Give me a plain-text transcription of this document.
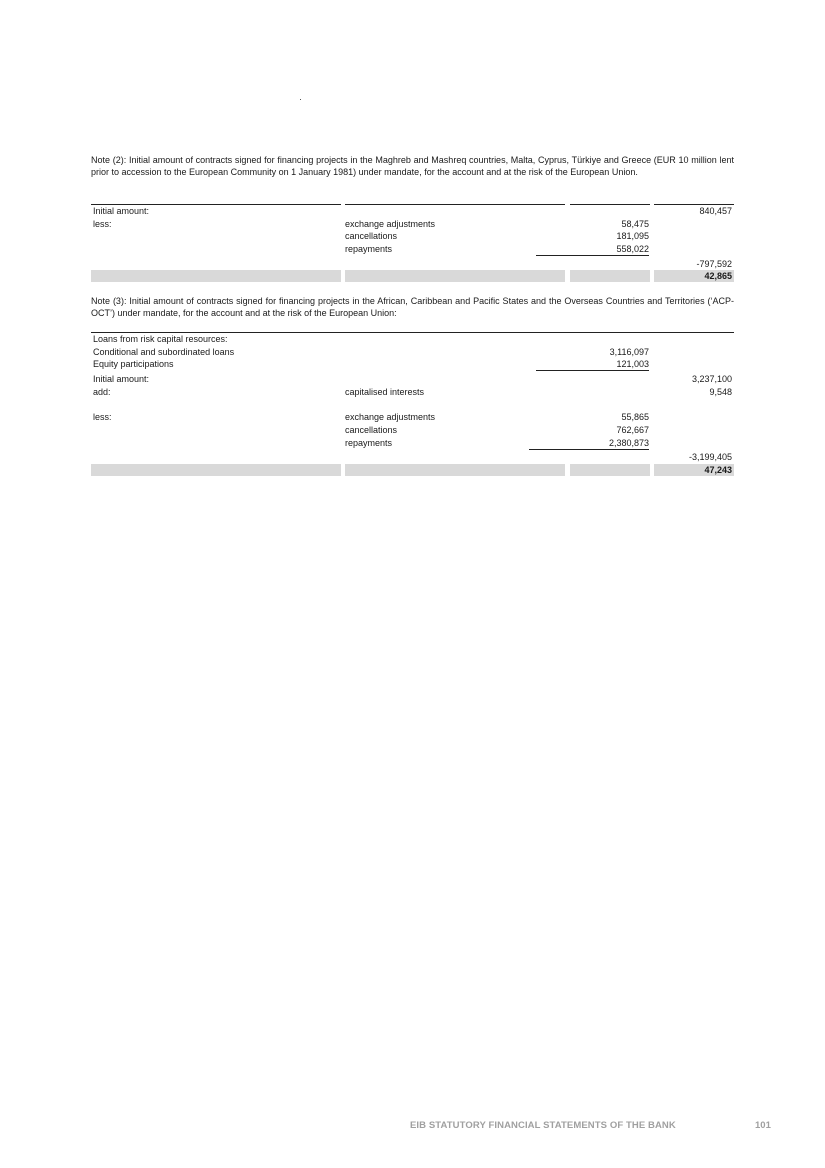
Note (2): Initial amount of contracts signed for financing projects in the Maghreb and Mashreq countries, Malta, Cyprus, Türkiye and Greece (EUR 10 million lent prior to accession to the European Community on 1 January 1981) under mandate, for the account and at the risk of the European Union.
Initial amount:	840,457
less:	exchange adjustments	58,475
cancellations	181,095
repayments	558,022
-797,592
42,865
Note (3): Initial amount of contracts signed for financing projects in the African, Caribbean and Pacific States and the Overseas Countries and Territories (‘ACP-OCT’) under mandate, for the account and at the risk of the European Union:
Loans from risk capital resources:
Conditional and subordinated loans	3,116,097
Equity participations	121,003
Initial amount:	3,237,100
add:	capitalised interests	9,548
less:	exchange adjustments	55,865
cancellations	762,667
repayments	2,380,873
-3,199,405
47,243
EIB STATUTORY FINANCIAL STATEMENTS OF THE BANK	101
